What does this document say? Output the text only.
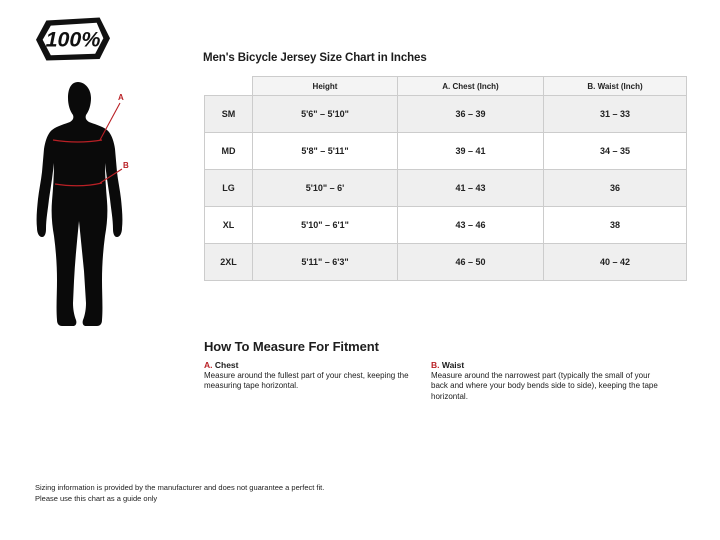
100%
A
B
Men's Bicycle Jersey Size Chart in Inches
	Height	A. Chest (Inch)	B. Waist (Inch)
SM	5'6" – 5'10"	36 – 39	31 – 33
MD	5'8" – 5'11"	39 – 41	34 – 35
LG	5'10" – 6'	41 – 43	36
XL	5'10" – 6'1"	43 – 46	38
2XL	5'11" – 6'3"	46 – 50	40 – 42
How To Measure For Fitment
A. Chest

Measure around the fullest part of your chest, keeping the measuring tape horizontal.

B. Waist

Measure around the narrowest part (typically the small of your back and where your body bends side to side), keeping the tape horizontal.

Sizing information is provided by the manufacturer and does not guarantee a perfect fit.
Please use this chart as a guide only
